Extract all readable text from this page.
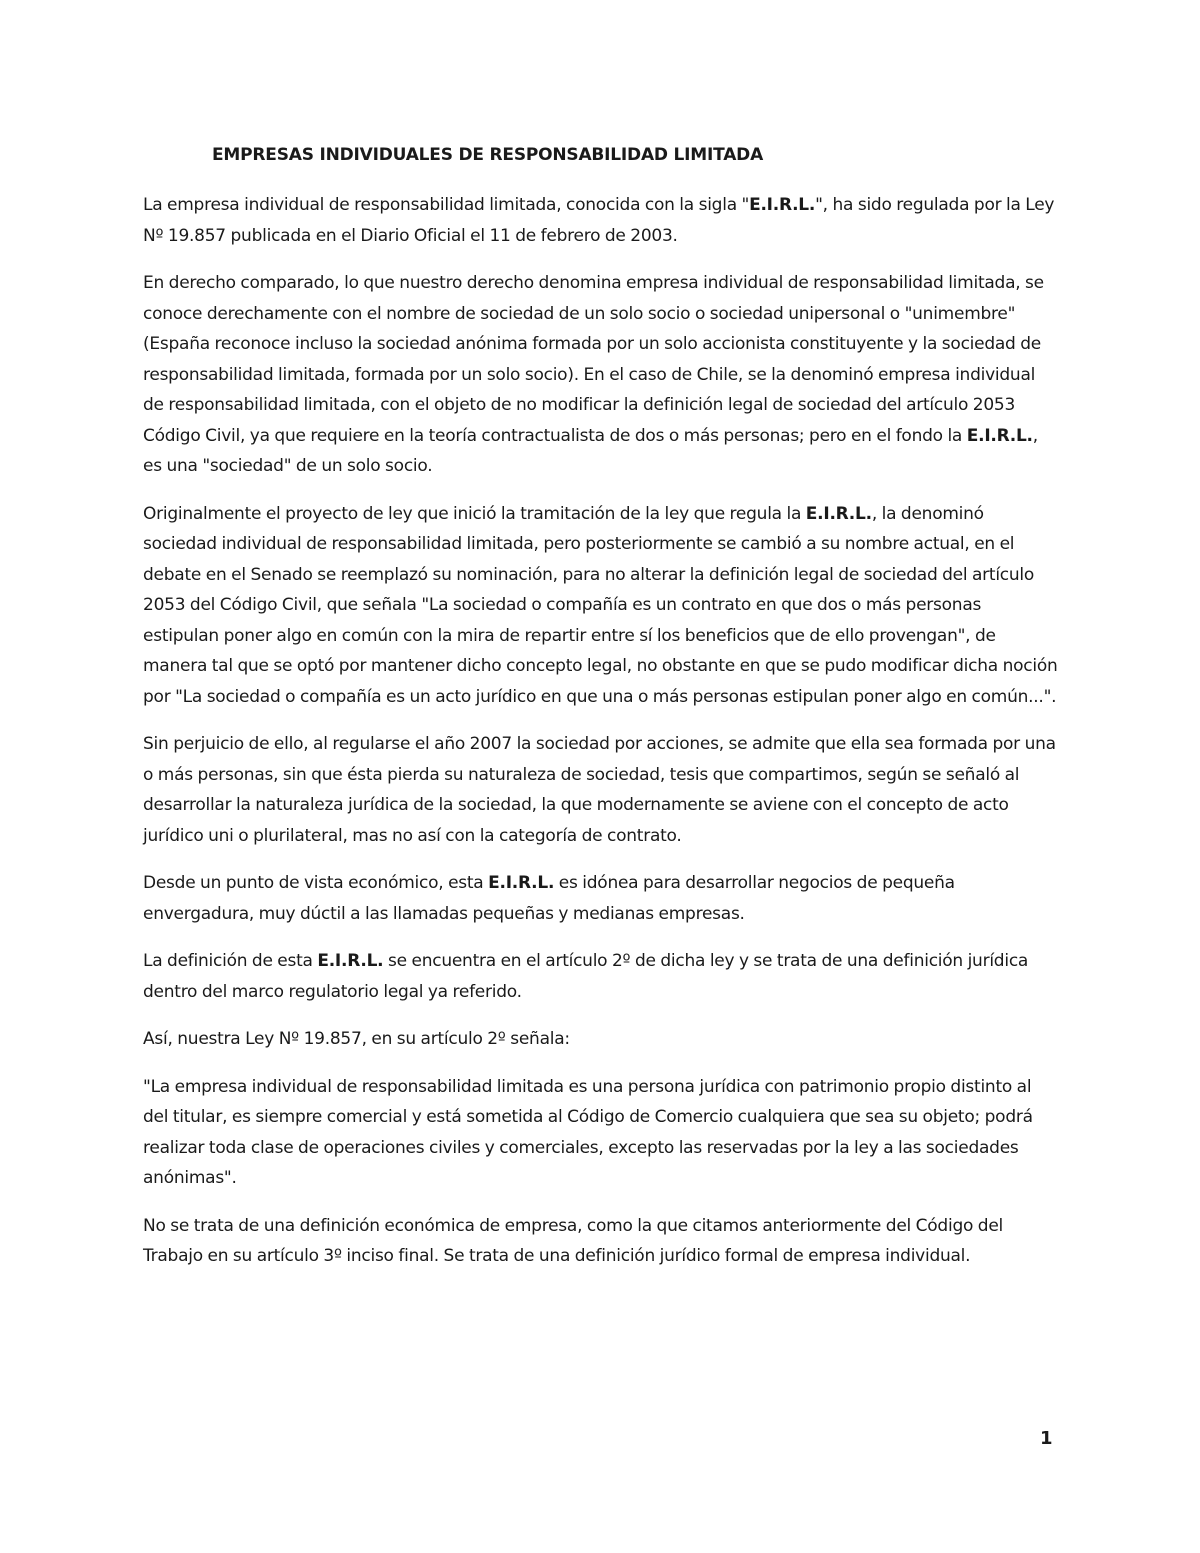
EMPRESAS INDIVIDUALES DE RESPONSABILIDAD LIMITADA

La empresa individual de responsabilidad limitada, conocida con la sigla "E.I.R.L.", ha sido regulada por la Ley Nº 19.857 publicada en el Diario Oficial el 11 de febrero de 2003.

En derecho comparado, lo que nuestro derecho denomina empresa individual de responsabilidad limitada, se conoce derechamente con el nombre de sociedad de un solo socio o sociedad unipersonal o "unimembre" (España reconoce incluso la sociedad anónima formada por un solo accionista constituyente y la sociedad de responsabilidad limitada, formada por un solo socio). En el caso de Chile, se la denominó empresa individual de responsabilidad limitada, con el objeto de no modificar la definición legal de sociedad del artículo 2053 Código Civil, ya que requiere en la teoría contractualista de dos o más personas; pero en el fondo la E.I.R.L., es una "sociedad" de un solo socio.

Originalmente el proyecto de ley que inició la tramitación de la ley que regula la E.I.R.L., la denominó sociedad individual de responsabilidad limitada, pero posteriormente se cambió a su nombre actual, en el debate en el Senado se reemplazó su nominación, para no alterar la definición legal de sociedad del artículo 2053 del Código Civil, que señala "La sociedad o compañía es un contrato en que dos o más personas estipulan poner algo en común con la mira de repartir entre sí los beneficios que de ello provengan", de manera tal que se optó por mantener dicho concepto legal, no obstante en que se pudo modificar dicha noción por "La sociedad o compañía es un acto jurídico en que una o más personas estipulan poner algo en común...".

Sin perjuicio de ello, al regularse el año 2007 la sociedad por acciones, se admite que ella sea formada por una o más personas, sin que ésta pierda su naturaleza de sociedad, tesis que compartimos, según se señaló al desarrollar la naturaleza jurídica de la sociedad, la que modernamente se aviene con el concepto de acto jurídico uni o plurilateral, mas no así con la categoría de contrato.

Desde un punto de vista económico, esta E.I.R.L. es idónea para desarrollar negocios de pequeña envergadura, muy dúctil a las llamadas pequeñas y medianas empresas.

La definición de esta E.I.R.L. se encuentra en el artículo 2º de dicha ley y se trata de una definición jurídica dentro del marco regulatorio legal ya referido.

Así, nuestra Ley Nº 19.857, en su artículo 2º señala:

"La empresa individual de responsabilidad limitada es una persona jurídica con patrimonio propio distinto al del titular, es siempre comercial y está sometida al Código de Comercio cualquiera que sea su objeto; podrá realizar toda clase de operaciones civiles y comerciales, excepto las reservadas por la ley a las sociedades anónimas".

No se trata de una definición económica de empresa, como la que citamos anteriormente del Código del Trabajo en su artículo 3º inciso final. Se trata de una definición jurídico formal de empresa individual.

1
